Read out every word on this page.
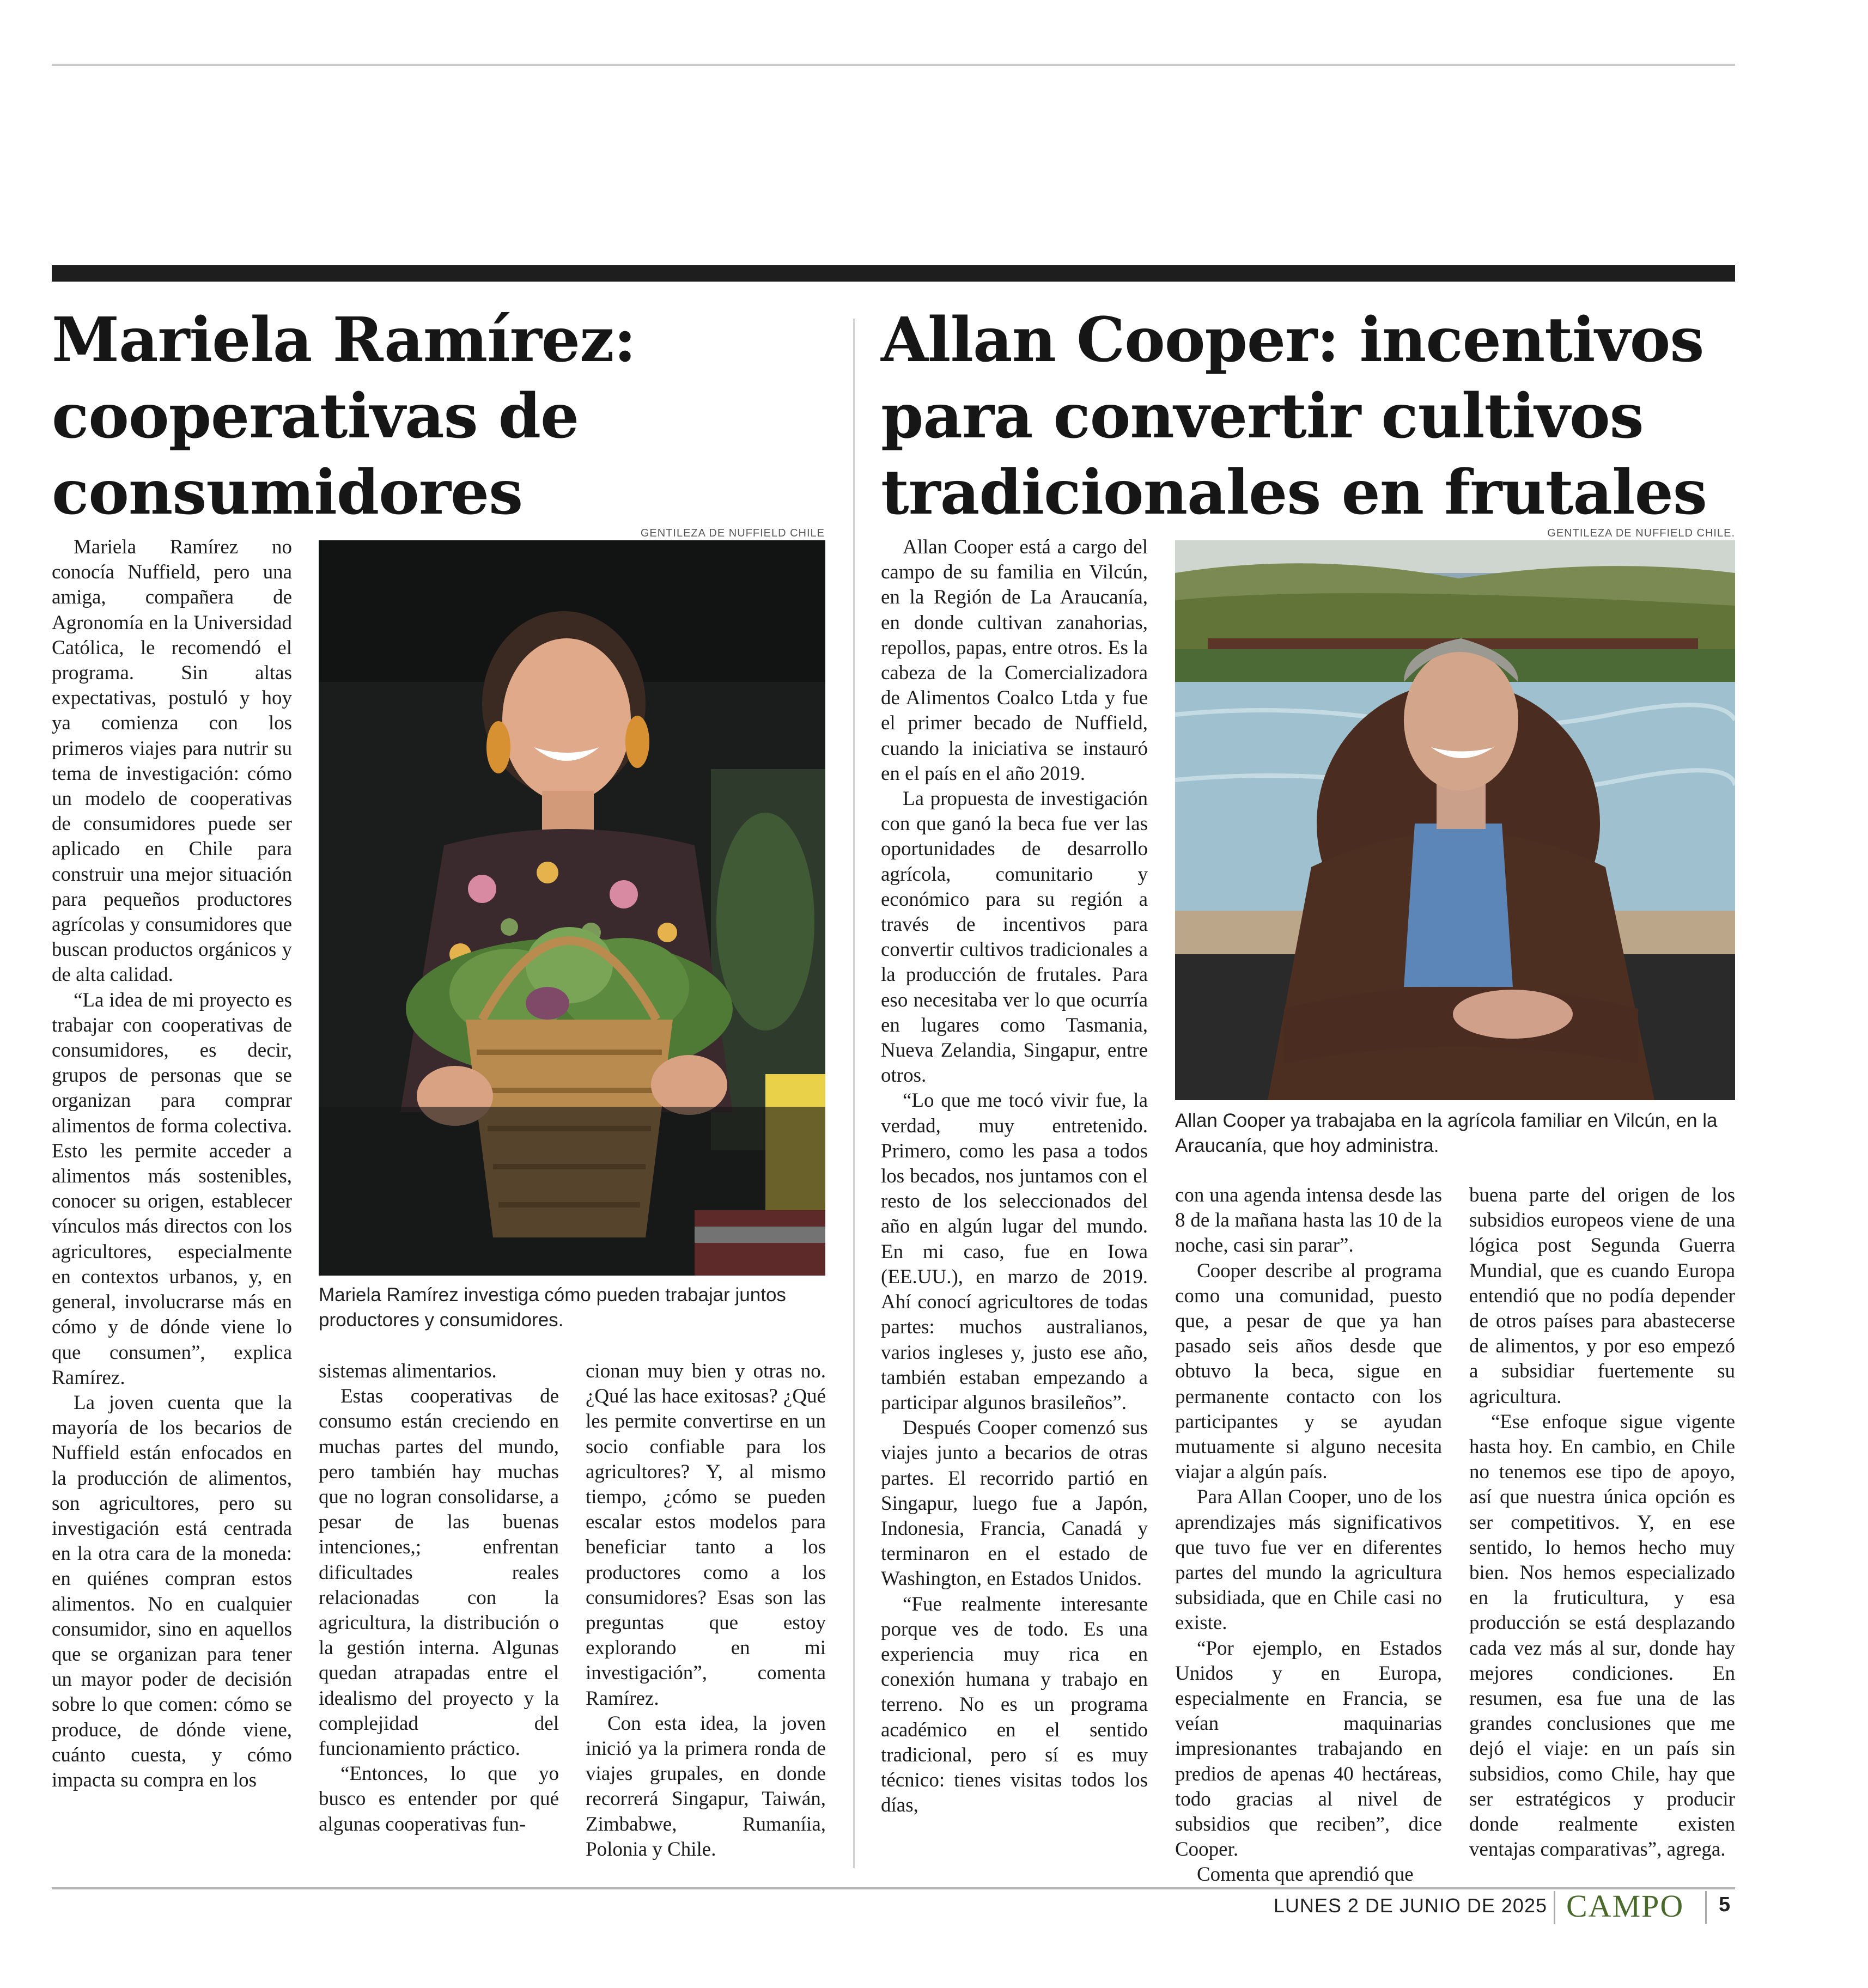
Mariela Ramírez:
cooperativas de
consumidores
GENTILEZA DE NUFFIELD CHILE
Mariela Ramírez investiga cómo pueden trabajar juntos productores y consumidores.

Mariela Ramírez no conocía Nuffield, pero una amiga, compañera de Agronomía en la Universidad Católica, le recomendó el programa. Sin altas expectativas, postuló y hoy ya comienza con los primeros viajes para nutrir su tema de investigación: cómo un modelo de cooperativas de consumidores puede ser aplicado en Chile para construir una mejor situación para pequeños productores agrícolas y consumidores que buscan productos orgánicos y de alta calidad.

“La idea de mi proyecto es trabajar con cooperativas de consumidores, es decir, grupos de personas que se organizan para comprar alimentos de forma colectiva. Esto les permite acceder a alimentos más sostenibles, conocer su origen, establecer vínculos más directos con los agricultores, especialmente en contextos urbanos, y, en general, involucrarse más en cómo y de dónde viene lo que consumen”, explica Ramírez.

La joven cuenta que la mayoría de los becarios de Nuffield están enfocados en la producción de alimentos, son agricultores, pero su investigación está centrada en la otra cara de la moneda: en quiénes compran estos alimentos. No en cualquier consumidor, sino en aquellos que se organizan para tener un mayor poder de decisión sobre lo que comen: cómo se produce, de dónde viene, cuánto cuesta, y cómo impacta su compra en los

sistemas alimentarios.

Estas cooperativas de consumo están creciendo en muchas partes del mundo, pero también hay muchas que no logran consolidarse, a pesar de las buenas intenciones,; enfrentan dificultades reales relacionadas con la agricultura, la distribución o la gestión interna. Algunas quedan atrapadas entre el idealismo del proyecto y la complejidad del funcionamiento práctico.

“Entonces, lo que yo busco es entender por qué algunas cooperativas fun-

cionan muy bien y otras no. ¿Qué las hace exitosas? ¿Qué les permite convertirse en un socio confiable para los agricultores? Y, al mismo tiempo, ¿cómo se pueden escalar estos modelos para beneficiar tanto a los productores como a los consumidores? Esas son las preguntas que estoy explorando en mi investigación”, comenta Ramírez.

Con esta idea, la joven inició ya la primera ronda de viajes grupales, en donde recorrerá Singapur, Taiwán, Zimbabwe, Rumaníia, Polonia y Chile.

Allan Cooper: incentivos
para convertir cultivos
tradicionales en frutales
GENTILEZA DE NUFFIELD CHILE.
Allan Cooper ya trabajaba en la agrícola familiar en Vilcún, en la Araucanía, que hoy administra.

Allan Cooper está a cargo del campo de su familia en Vilcún, en la Región de La Araucanía, en donde cultivan zanahorias, repollos, papas, entre otros. Es la cabeza de la Comercializadora de Alimentos Coalco Ltda y fue el primer becado de Nuffield, cuando la iniciativa se instauró en el país en el año 2019.

La propuesta de investigación con que ganó la beca fue ver las oportunidades de desarrollo agrícola, comunitario y económico para su región a través de incentivos para convertir cultivos tradicionales a la producción de frutales. Para eso necesitaba ver lo que ocurría en lugares como Tasmania, Nueva Zelandia, Singapur, entre otros.

“Lo que me tocó vivir fue, la verdad, muy entretenido. Primero, como les pasa a todos los becados, nos juntamos con el resto de los seleccionados del año en algún lugar del mundo. En mi caso, fue en Iowa (EE.UU.), en marzo de 2019. Ahí conocí agricultores de todas partes: muchos australianos, varios ingleses y, justo ese año, también estaban empezando a participar algunos brasileños”.

Después Cooper comenzó sus viajes junto a becarios de otras partes. El recorrido partió en Singapur, luego fue a Japón, Indonesia, Francia, Canadá y terminaron en el estado de Washington, en Estados Unidos.

“Fue realmente interesante porque ves de todo. Es una experiencia muy rica en conexión humana y trabajo en terreno. No es un programa académico en el sentido tradicional, pero sí es muy técnico: tienes visitas todos los días,

con una agenda intensa desde las 8 de la mañana hasta las 10 de la noche, casi sin parar”.

Cooper describe al programa como una comunidad, puesto que, a pesar de que ya han pasado seis años desde que obtuvo la beca, sigue en permanente contacto con los participantes y se ayudan mutuamente si alguno necesita viajar a algún país.

Para Allan Cooper, uno de los aprendizajes más significativos que tuvo fue ver en diferentes partes del mundo la agricultura subsidiada, que en Chile casi no existe.

“Por ejemplo, en Estados Unidos y en Europa, especialmente en Francia, se veían maquinarias impresionantes trabajando en predios de apenas 40 hectáreas, todo gracias al nivel de subsidios que reciben”, dice Cooper.

Comenta que aprendió que

buena parte del origen de los subsidios europeos viene de una lógica post Segunda Guerra Mundial, que es cuando Europa entendió que no podía depender de otros países para abastecerse de alimentos, y por eso empezó a subsidiar fuertemente su agricultura.

“Ese enfoque sigue vigente hasta hoy. En cambio, en Chile no tenemos ese tipo de apoyo, así que nuestra única opción es ser competitivos. Y, en ese sentido, lo hemos hecho muy bien. Nos hemos especializado en la fruticultura, y esa producción se está desplazando cada vez más al sur, donde hay mejores condiciones. En resumen, esa fue una de las grandes conclusiones que me dejó el viaje: en un país sin subsidios, como Chile, hay que ser estratégicos y producir donde realmente existen ventajas comparativas”, agrega.

LUNES 2 DE JUNIO DE 2025 CAMPO 5
